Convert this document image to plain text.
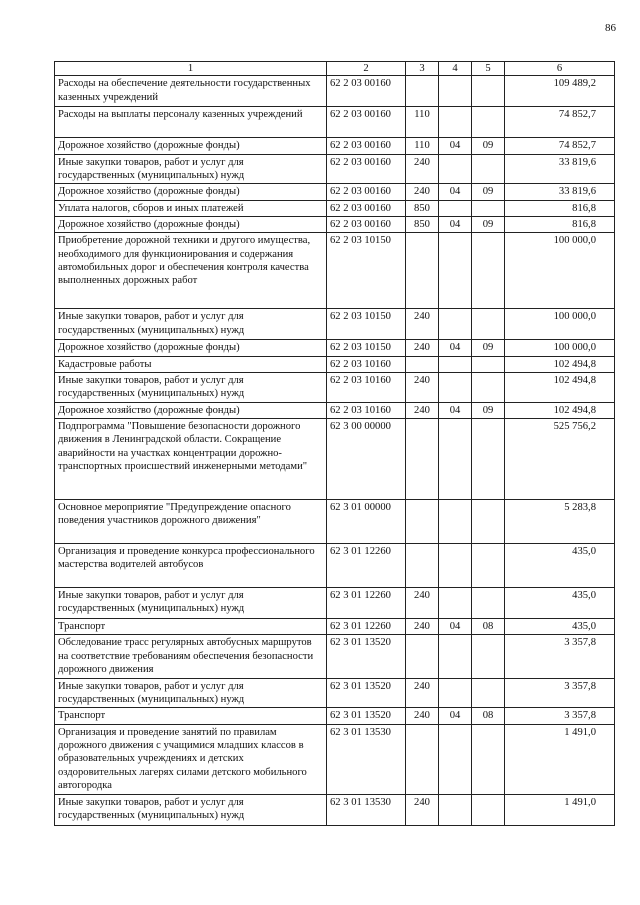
86
1	2	3	4	5	6
Расходы на обеспечение деятельности государственных казенных учреждений	62 2 03 00160				109 489,2
Расходы на выплаты персоналу казенных учреждений	62 2 03 00160	110			74 852,7
Дорожное хозяйство (дорожные фонды)	62 2 03 00160	110	04	09	74 852,7
Иные закупки товаров, работ и услуг для государственных (муниципальных) нужд	62 2 03 00160	240			33 819,6
Дорожное хозяйство (дорожные фонды)	62 2 03 00160	240	04	09	33 819,6
Уплата налогов, сборов и иных платежей	62 2 03 00160	850			816,8
Дорожное хозяйство (дорожные фонды)	62 2 03 00160	850	04	09	816,8
Приобретение дорожной техники и другого имущества, необходимого для функционирования и содержания автомобильных дорог и обеспечения контроля качества выполненных дорожных работ	62 2 03 10150				100 000,0
Иные закупки товаров, работ и услуг для государственных (муниципальных) нужд	62 2 03 10150	240			100 000,0
Дорожное хозяйство (дорожные фонды)	62 2 03 10150	240	04	09	100 000,0
Кадастровые работы	62 2 03 10160				102 494,8
Иные закупки товаров, работ и услуг для государственных (муниципальных) нужд	62 2 03 10160	240			102 494,8
Дорожное хозяйство (дорожные фонды)	62 2 03 10160	240	04	09	102 494,8
Подпрограмма "Повышение безопасности дорожного движения в Ленинградской области. Сокращение аварийности на участках концентрации дорожно-транспортных происшествий инженерными методами"	62 3 00 00000				525 756,2
Основное мероприятие "Предупреждение опасного поведения участников дорожного движения"	62 3 01 00000				5 283,8
Организация и проведение конкурса профессионального мастерства водителей автобусов	62 3 01 12260				435,0
Иные закупки товаров, работ и услуг для государственных (муниципальных) нужд	62 3 01 12260	240			435,0
Транспорт	62 3 01 12260	240	04	08	435,0
Обследование трасс регулярных автобусных маршрутов на соответствие требованиям обеспечения безопасности дорожного движения	62 3 01 13520				3 357,8
Иные закупки товаров, работ и услуг для государственных (муниципальных) нужд	62 3 01 13520	240			3 357,8
Транспорт	62 3 01 13520	240	04	08	3 357,8
Организация и проведение занятий по правилам дорожного движения с учащимися младших классов в образовательных учреждениях и детских оздоровительных лагерях силами детского мобильного автогородка	62 3 01 13530				1 491,0
Иные закупки товаров, работ и услуг для государственных (муниципальных) нужд	62 3 01 13530	240			1 491,0
